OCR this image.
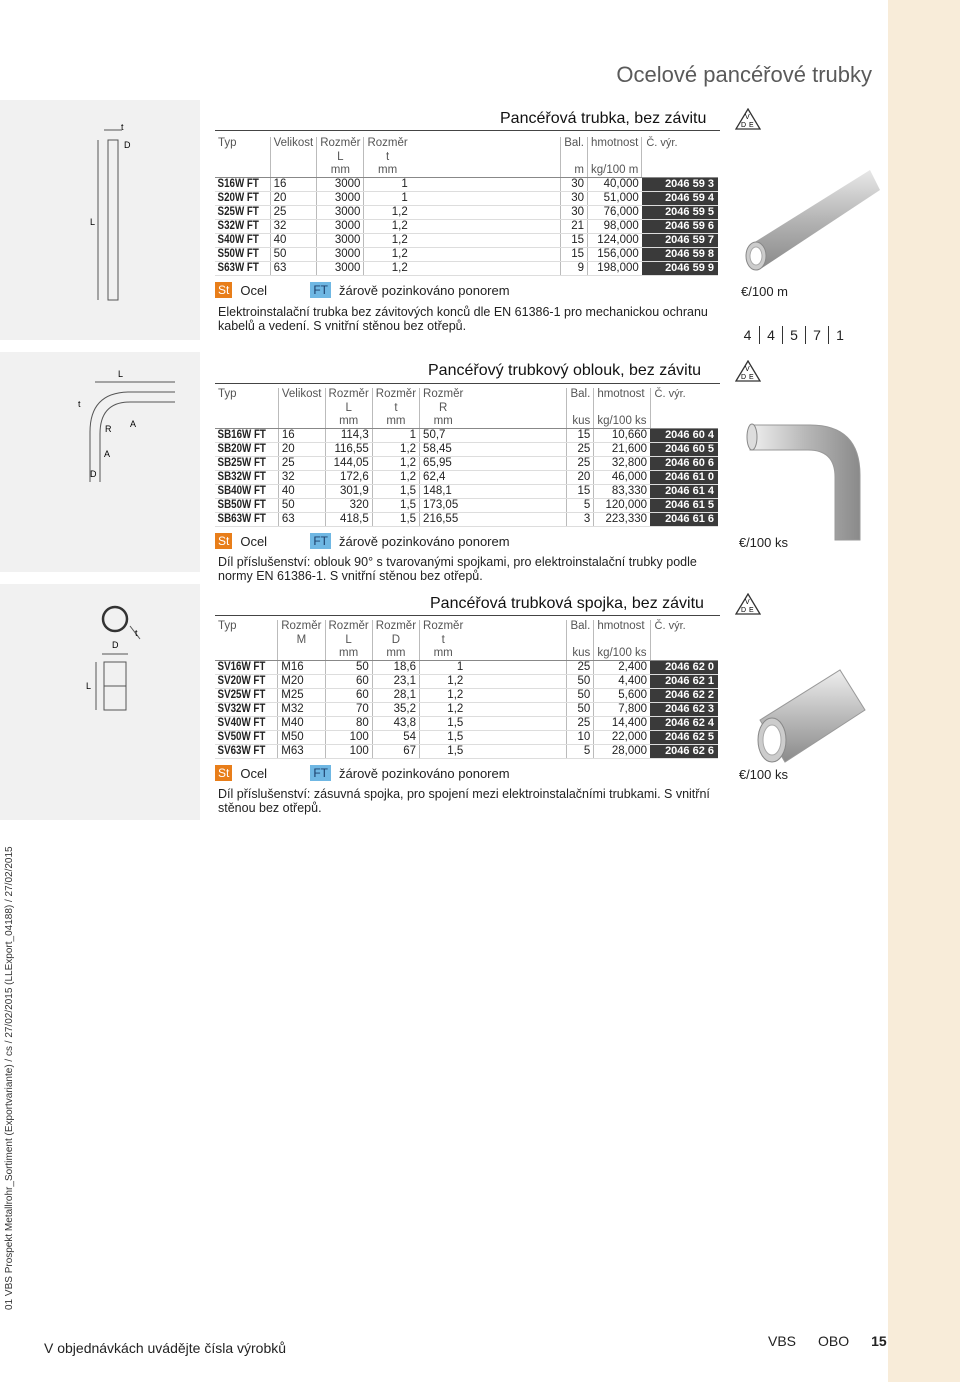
Ocelové pancéřové trubky
t
D
L
Pancéřová trubka, bez závitu	V
D E
Typ	Velikost	Rozměr	Rozměr		Bal.	hmotnost	Č. výr.
		L	t				
		mm	mm		m	kg/100 m	
S16W FT	16	3000	1		30	40,000	2046 59 3
S20W FT	20	3000	1		30	51,000	2046 59 4
S25W FT	25	3000	1,2		30	76,000	2046 59 5
S32W FT	32	3000	1,2		21	98,000	2046 59 6
S40W FT	40	3000	1,2		15	124,000	2046 59 7
S50W FT	50	3000	1,2		15	156,000	2046 59 8
S63W FT	63	3000	1,2		9	198,000	2046 59 9
St Ocel	FT žárově pozinkováno ponorem	€/100 m
Elektroinstalační trubka bez závitových konců dle EN 61386-1 pro mechanickou ochranu kabelů a vedení. S vnitřní stěnou bez otřepů.
4	4	5	7	1
L
t
R A
A
D
Pancéřový trubkový oblouk, bez závitu	V
D E
Typ	Velikost	Rozměr	Rozměr	Rozměr		Bal.	hmotnost	Č. výr.
		L	t	R				
		mm	mm	mm		kus	kg/100 ks	
SB16W FT	16	114,3	1	50,7		15	10,660	2046 60 4
SB20W FT	20	116,55	1,2	58,45		25	21,600	2046 60 5
SB25W FT	25	144,05	1,2	65,95		25	32,800	2046 60 6
SB32W FT	32	172,6	1,2	62,4		20	46,000	2046 61 0
SB40W FT	40	301,9	1,5	148,1		15	83,330	2046 61 4
SB50W FT	50	320	1,5	173,05		5	120,000	2046 61 5
SB63W FT	63	418,5	1,5	216,55		3	223,330	2046 61 6
St Ocel	FT žárově pozinkováno ponorem	€/100 ks
Díl příslušenství: oblouk 90° s tvarovanými spojkami, pro elektroinstalační trubky podle normy EN 61386-1. S vnitřní stěnou bez otřepů.
t
D
L
Pancéřová trubková spojka, bez závitu	V
D E
Typ	Rozměr	Rozměr	Rozměr	Rozměr		Bal.	hmotnost	Č. výr.
	M	L	D	t				
		mm	mm	mm		kus	kg/100 ks	
SV16W FT	M16	50	18,6	1		25	2,400	2046 62 0
SV20W FT	M20	60	23,1	1,2		50	4,400	2046 62 1
SV25W FT	M25	60	28,1	1,2		50	5,600	2046 62 2
SV32W FT	M32	70	35,2	1,2		50	7,800	2046 62 3
SV40W FT	M40	80	43,8	1,5		25	14,400	2046 62 4
SV50W FT	M50	100	54	1,5		10	22,000	2046 62 5
SV63W FT	M63	100	67	1,5		5	28,000	2046 62 6
St Ocel	FT žárově pozinkováno ponorem	€/100 ks
Díl příslušenství: zásuvná spojka, pro spojení mezi elektroinstalačními trubkami. S vnitřní stěnou bez otřepů.
01 VBS Prospekt Metallrohr_Sortiment (Exportvariante) / cs / 27/02/2015 (LLExport_04188) / 27/02/2015
V objednávkách uvádějte čísla výrobků	VBS OBO 15
